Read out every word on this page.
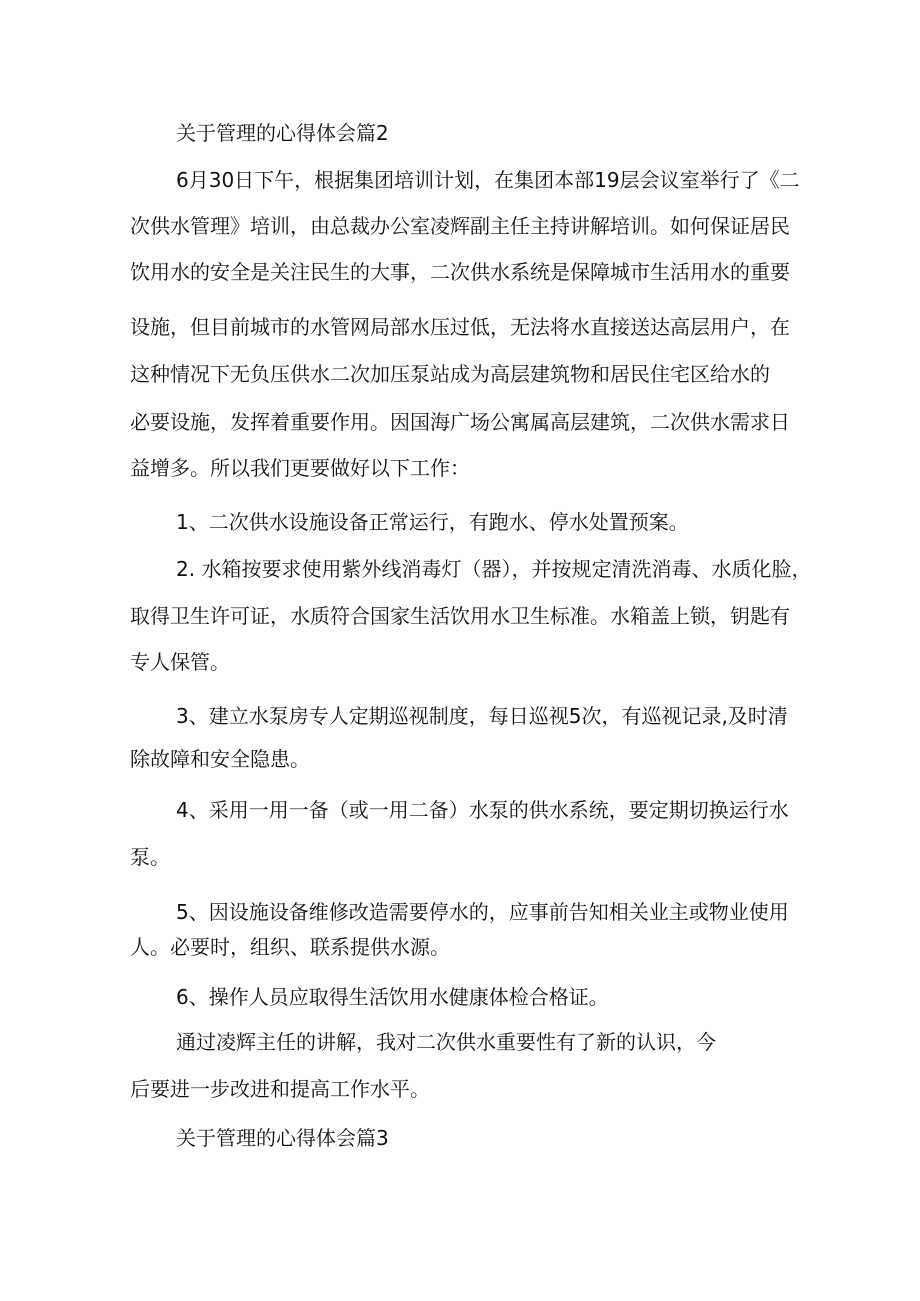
关于管理的心得体会篇2
6月30日下午，根据集团培训计划，在集团本部19层会议室举行了《二
次供水管理》培训，由总裁办公室凌辉副主任主持讲解培训。如何保证居民
饮用水的安全是关注民生的大事，二次供水系统是保障城市生活用水的重要
设施，但目前城市的水管网局部水压过低，无法将水直接送达高层用户，在
这种情况下无负压供水二次加压泵站成为高层建筑物和居民住宅区给水的
必要设施，发挥着重要作用。因国海广场公寓属高层建筑，二次供水需求日
益增多。所以我们更要做好以下工作：
1、二次供水设施设备正常运行，有跑水、停水处置预案。
2. 水箱按要求使用紫外线消毒灯（器），并按规定清洗消毒、水质化脸，
取得卫生许可证，水质符合国家生活饮用水卫生标准。水箱盖上锁，钥匙有
专人保管。
3、建立水泵房专人定期巡视制度，每日巡视5次，有巡视记录,及时清
除故障和安全隐患。
4、采用一用一备（或一用二备）水泵的供水系统，要定期切换运行水
泵。
5、因设施设备维修改造需要停水的，应事前告知相关业主或物业使用
人。必要时，组织、联系提供水源。
6、操作人员应取得生活饮用水健康体检合格证。
通过凌辉主任的讲解，我对二次供水重要性有了新的认识，今
后要进一步改进和提高工作水平。
关于管理的心得体会篇3
